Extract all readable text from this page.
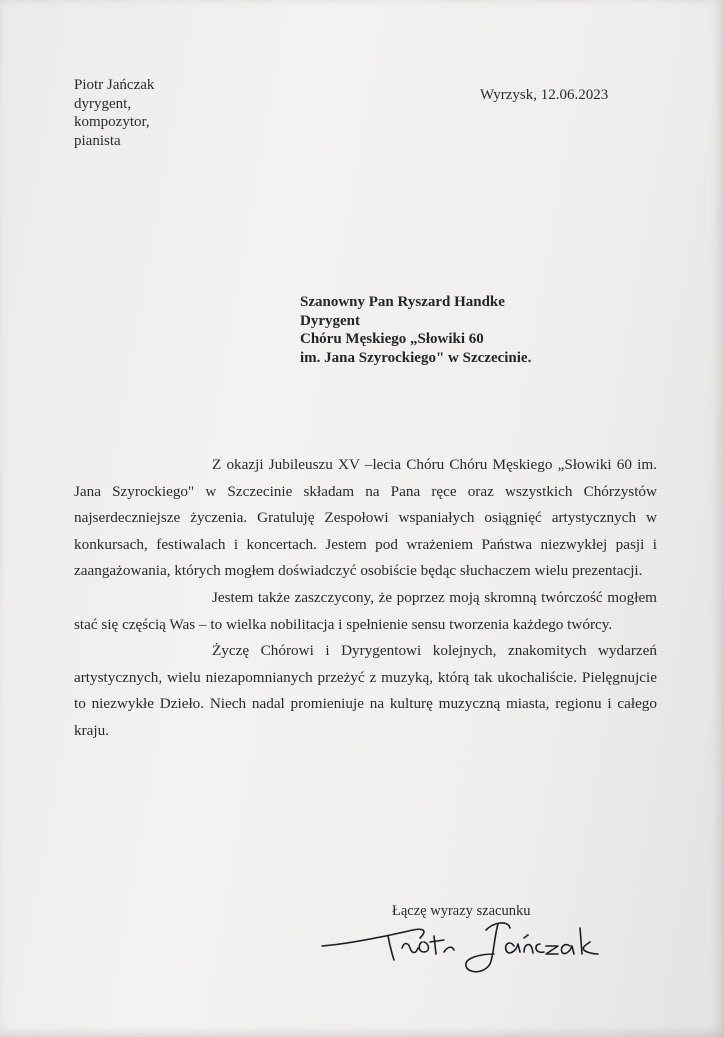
Piotr Jańczak
dyrygent,
kompozytor,
pianista
Wyrzysk, 12.06.2023
Szanowny Pan Ryszard Handke
Dyrygent
Chóru Męskiego „Słowiki 60
im. Jana Szyrockiego" w Szczecinie.

Z okazji Jubileuszu XV –lecia Chóru Chóru Męskiego „Słowiki 60 im. Jana Szyrockiego" w Szczecinie składam na Pana ręce oraz wszystkich Chórzystów najserdeczniejsze życzenia. Gratuluję Zespołowi wspaniałych osiągnięć artystycznych w konkursach, festiwalach i koncertach. Jestem pod wrażeniem Państwa niezwykłej pasji i zaangażowania, których mogłem doświadczyć osobiście będąc słuchaczem wielu prezentacji.

Jestem także zaszczycony, że poprzez moją skromną twórczość mogłem stać się częścią Was – to wielka nobilitacja i spełnienie sensu tworzenia każdego twórcy.

Życzę Chórowi i Dyrygentowi kolejnych, znakomitych wydarzeń artystycznych, wielu niezapomnianych przeżyć z muzyką, którą tak ukochaliście. Pielęgnujcie to niezwykłe Dzieło. Niech nadal promieniuje na kulturę muzyczną miasta, regionu i całego kraju.

Łączę wyrazy szacunku
